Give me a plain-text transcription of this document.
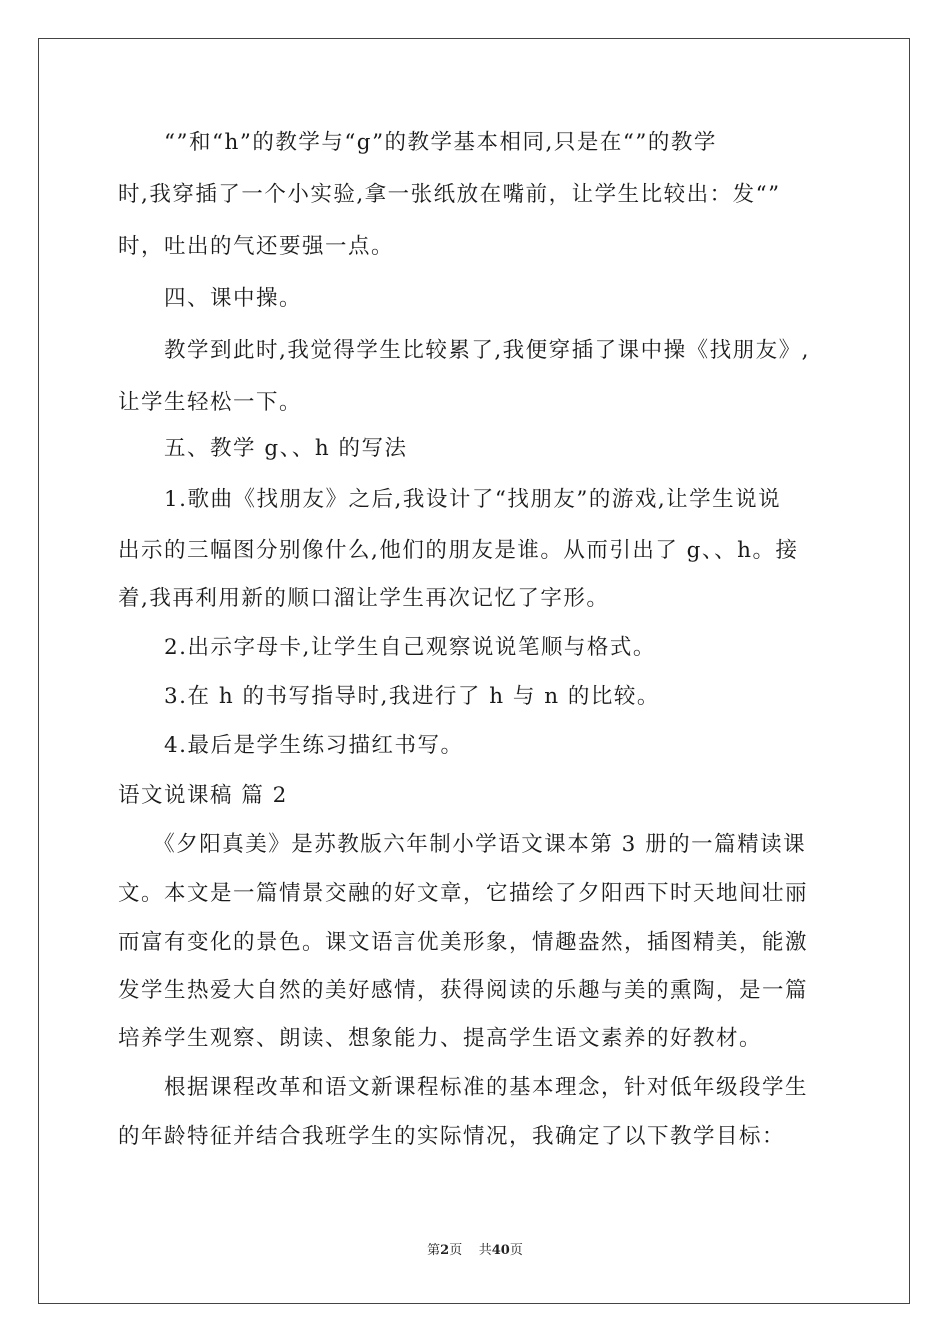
　　“”和“h”的教学与“g”的教学基本相同,只是在“”的教学
时,我穿插了一个小实验,拿一张纸放在嘴前，让学生比较出：发“”
时，吐出的气还要强一点。
　　四、课中操。
　　教学到此时,我觉得学生比较累了,我便穿插了课中操《找朋友》,
让学生轻松一下。
　　五、教学 g、、h 的写法
　　1.歌曲《找朋友》之后,我设计了“找朋友”的游戏,让学生说说
出示的三幅图分别像什么,他们的朋友是谁。从而引出了 g、、h。接
着,我再利用新的顺口溜让学生再次记忆了字形。
　　2.出示字母卡,让学生自己观察说说笔顺与格式。
　　3.在 h 的书写指导时,我进行了 h 与 n 的比较。
　　4.最后是学生练习描红书写。
语文说课稿 篇 2
　　《夕阳真美》是苏教版六年制小学语文课本第 3 册的一篇精读课
文。本文是一篇情景交融的好文章，它描绘了夕阳西下时天地间壮丽
而富有变化的景色。课文语言优美形象，情趣盎然，插图精美，能激
发学生热爱大自然的美好感情，获得阅读的乐趣与美的熏陶，是一篇
培养学生观察、朗读、想象能力、提高学生语文素养的好教材。
　　根据课程改革和语文新课程标准的基本理念，针对低年级段学生
的年龄特征并结合我班学生的实际情况，我确定了以下教学目标：
第2页 共40页
